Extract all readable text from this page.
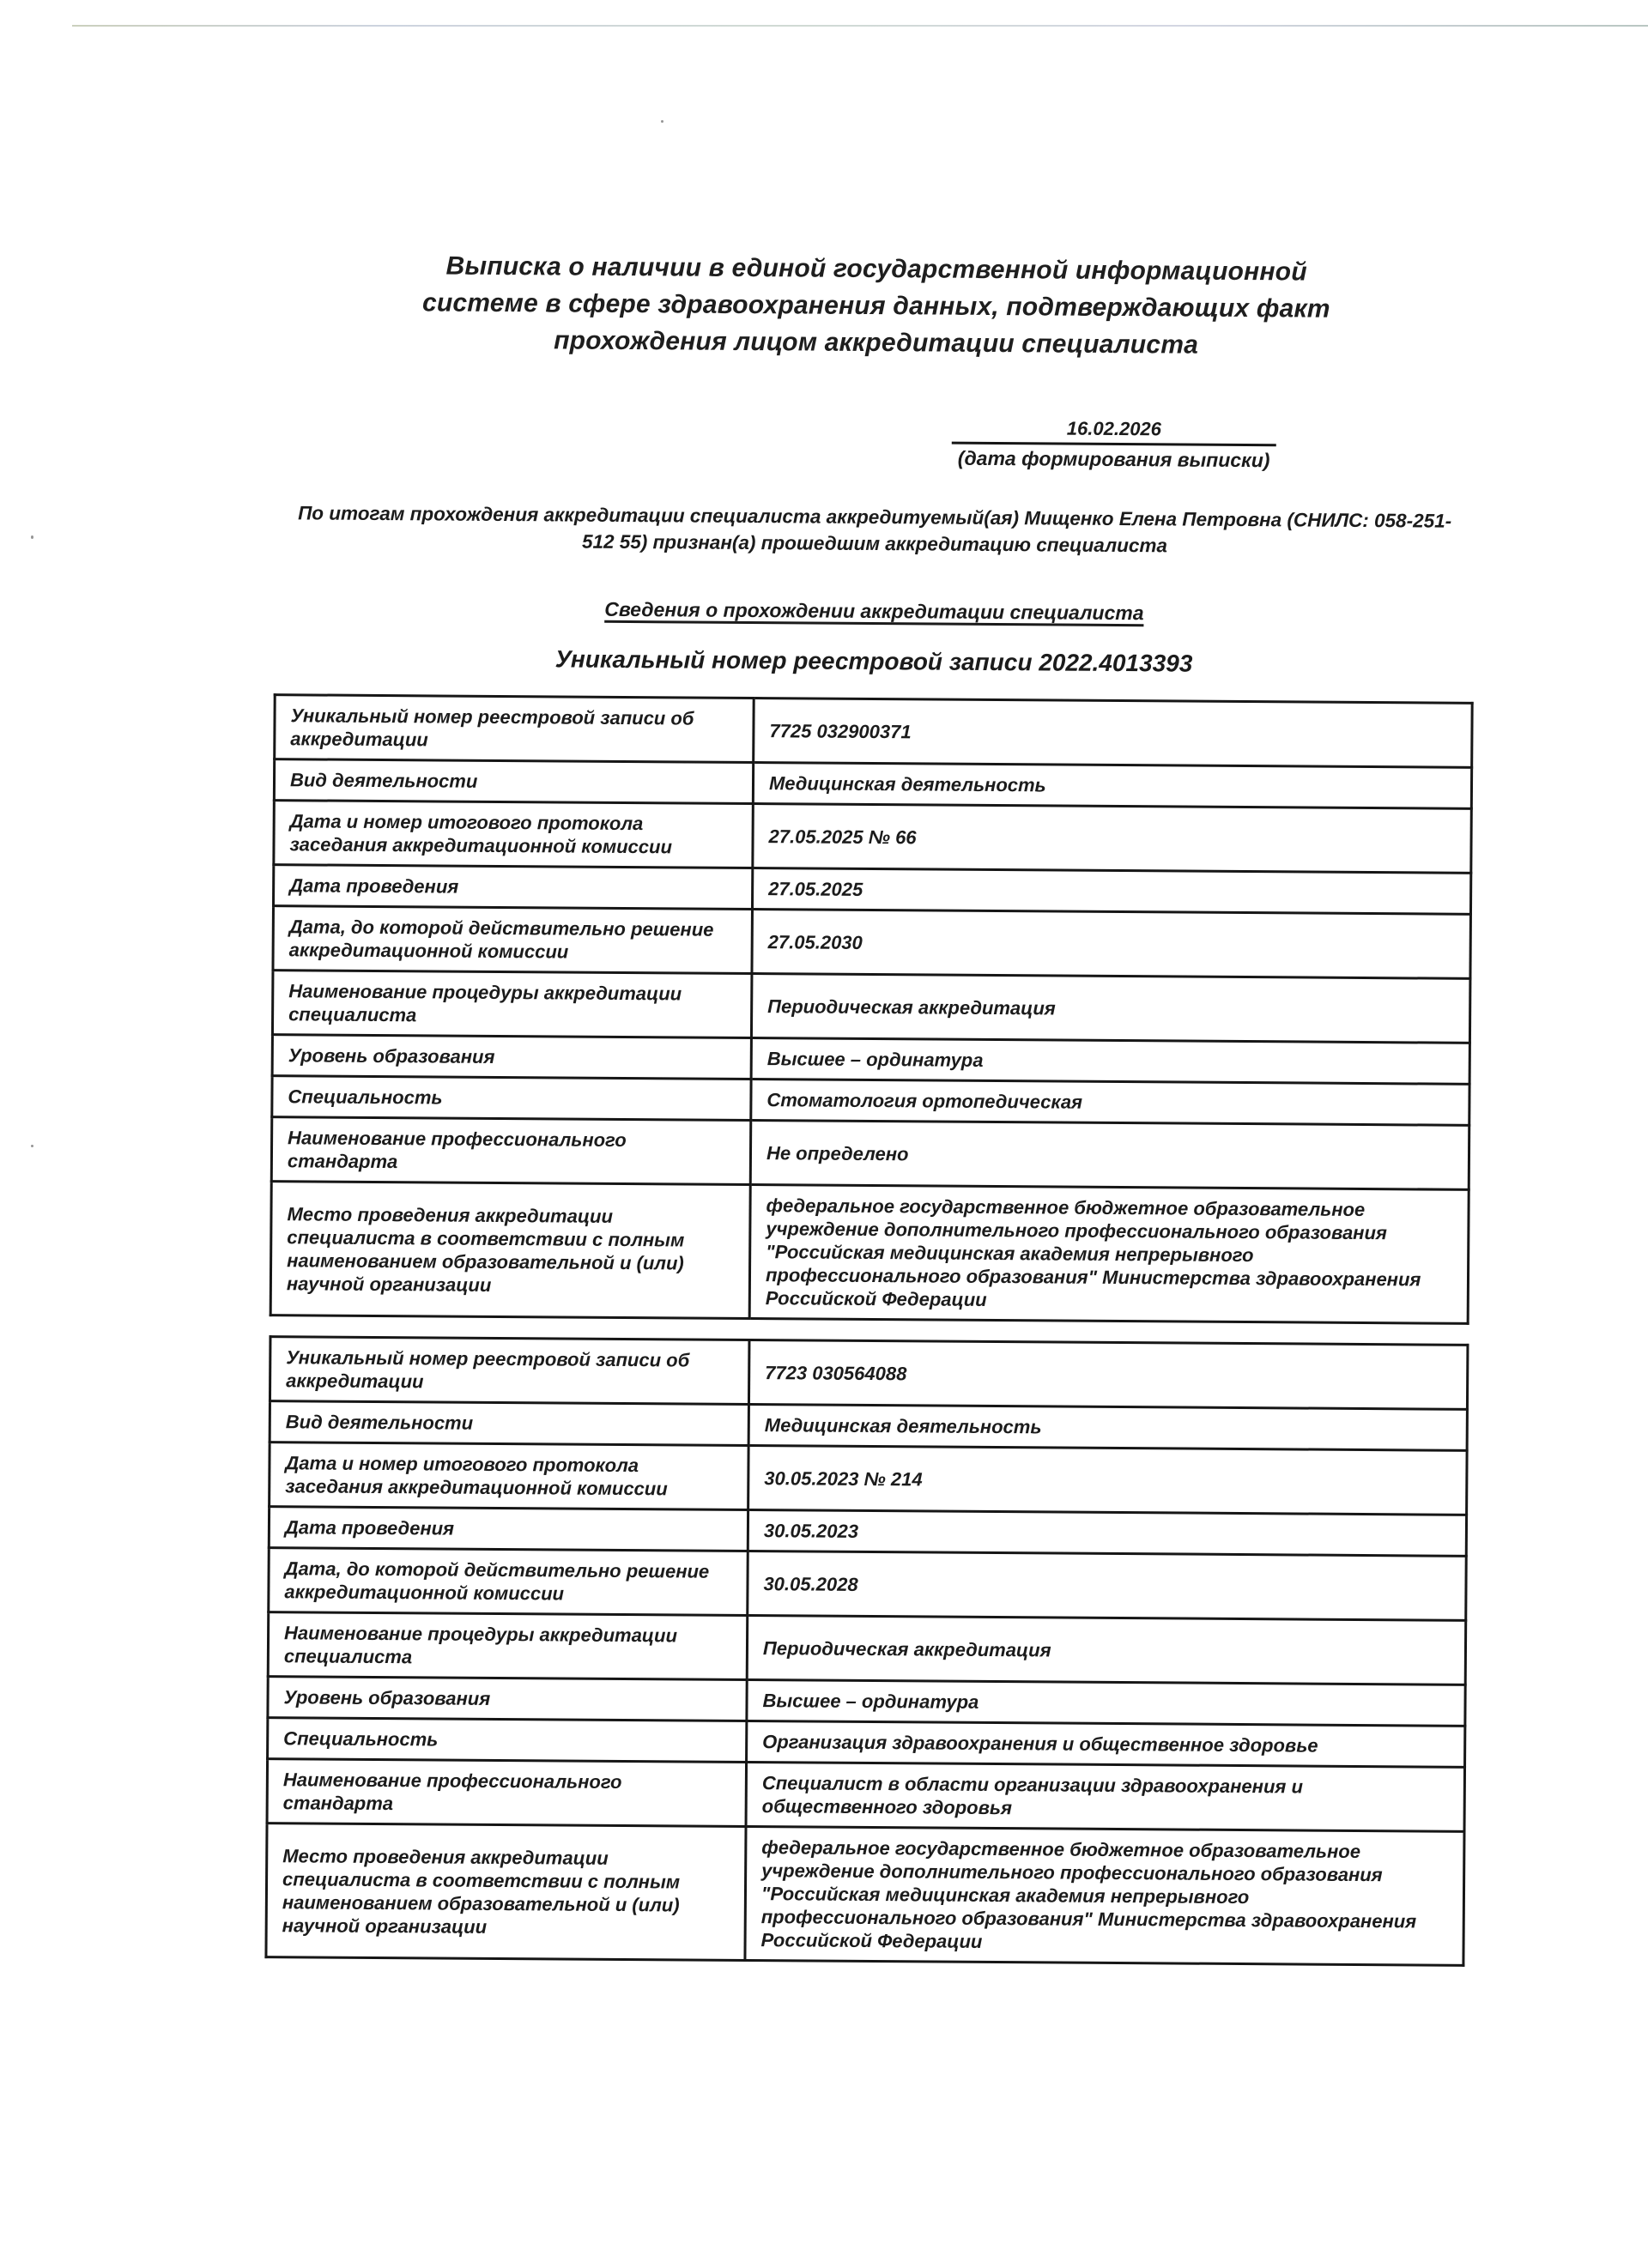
Выписка о наличии в единой государственной информационной
системе в сфере здравоохранения данных, подтверждающих факт
прохождения лицом аккредитации специалиста
16.02.2026
(дата формирования выписки)
По итогам прохождения аккредитации специалиста аккредитуемый(ая) Мищенко Елена Петровна (СНИЛС: 058-251-
512 55) признан(а) прошедшим аккредитацию специалиста
Сведения о прохождении аккредитации специалиста
Уникальный номер реестровой записи 2022.4013393
Уникальный номер реестровой записи об аккредитации	7725 032900371
Вид деятельности	Медицинская деятельность
Дата и номер итогового протокола заседания аккредитационной комиссии	27.05.2025 № 66
Дата проведения	27.05.2025
Дата, до которой действительно решение аккредитационной комиссии	27.05.2030
Наименование процедуры аккредитации специалиста	Периодическая аккредитация
Уровень образования	Высшее – ординатура
Специальность	Стоматология ортопедическая
Наименование профессионального стандарта	Не определено
Место проведения аккредитации специалиста в соответствии с полным наименованием образовательной и (или) научной организации	федеральное государственное бюджетное образовательное учреждение дополнительного профессионального образования "Российская медицинская академия непрерывного профессионального образования" Министерства здравоохранения Российской Федерации
Уникальный номер реестровой записи об аккредитации	7723 030564088
Вид деятельности	Медицинская деятельность
Дата и номер итогового протокола заседания аккредитационной комиссии	30.05.2023 № 214
Дата проведения	30.05.2023
Дата, до которой действительно решение аккредитационной комиссии	30.05.2028
Наименование процедуры аккредитации специалиста	Периодическая аккредитация
Уровень образования	Высшее – ординатура
Специальность	Организация здравоохранения и общественное здоровье
Наименование профессионального стандарта	Специалист в области организации здравоохранения и общественного здоровья
Место проведения аккредитации специалиста в соответствии с полным наименованием образовательной и (или) научной организации	федеральное государственное бюджетное образовательное учреждение дополнительного профессионального образования "Российская медицинская академия непрерывного профессионального образования" Министерства здравоохранения Российской Федерации
